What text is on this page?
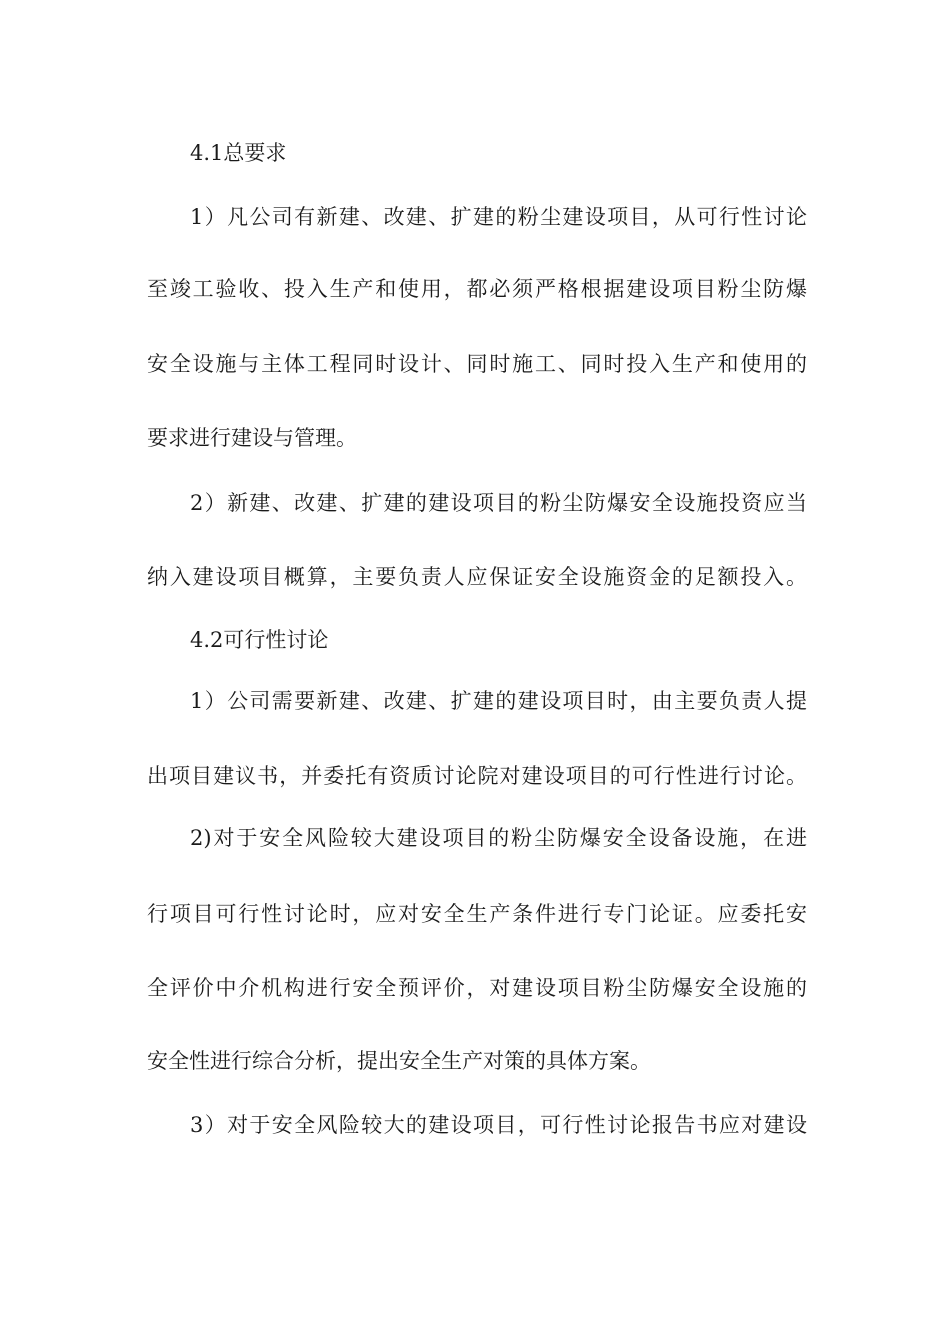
4.1总要求
1）凡公司有新建、改建、扩建的粉尘建设项目，从可行性讨论
至竣工验收、投入生产和使用，都必须严格根据建设项目粉尘防爆
安全设施与主体工程同时设计、同时施工、同时投入生产和使用的
要求进行建设与管理。
2）新建、改建、扩建的建设项目的粉尘防爆安全设施投资应当
纳入建设项目概算，主要负责人应保证安全设施资金的足额投入。
4.2可行性讨论
1）公司需要新建、改建、扩建的建设项目时，由主要负责人提
出项目建议书，并委托有资质讨论院对建设项目的可行性进行讨论。
2)对于安全风险较大建设项目的粉尘防爆安全设备设施，在进
行项目可行性讨论时，应对安全生产条件进行专门论证。应委托安
全评价中介机构进行安全预评价，对建设项目粉尘防爆安全设施的
安全性进行综合分析，提出安全生产对策的具体方案。
3）对于安全风险较大的建设项目，可行性讨论报告书应对建设
